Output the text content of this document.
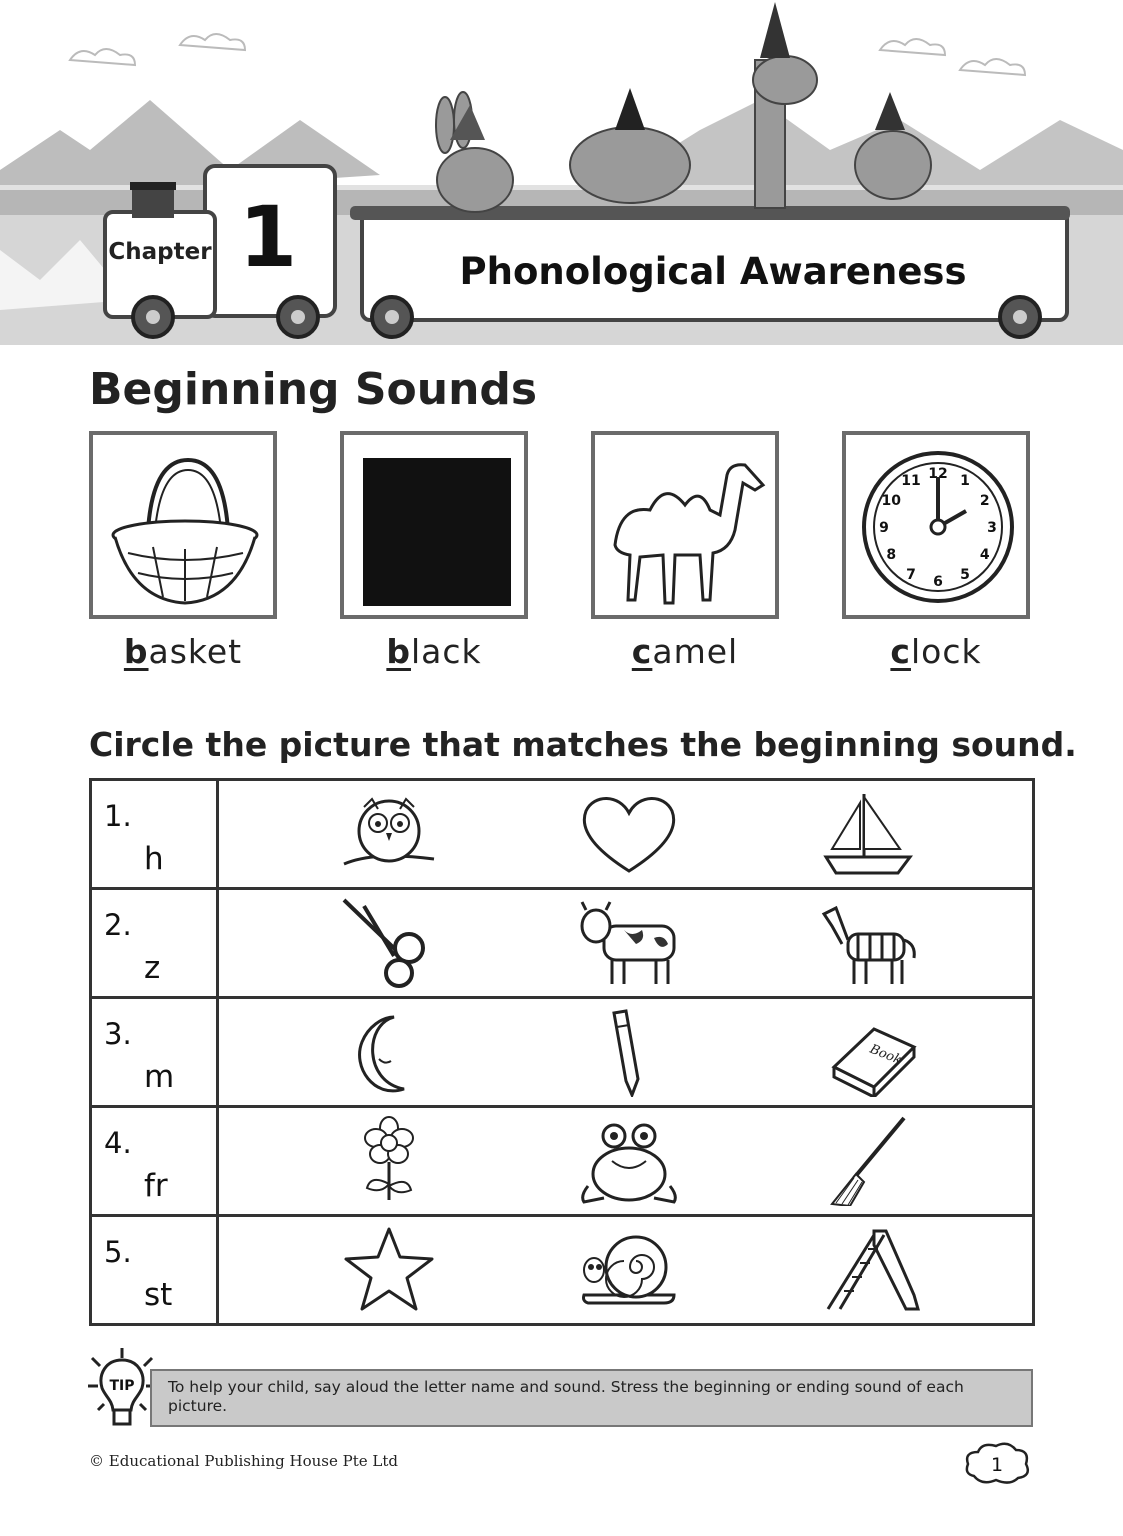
Chapter 1	Phonological Awareness
Beginning Sounds
12 1
2
3
4
5
6
7
8
9
10
11
basket	black	camel	clock
Circle the picture that matches the beginning sound.
1.
h

2.
z

3.
m	Book

4.
fr

5.
st

TIP To help your child, say aloud the letter name and sound. Stress the beginning or ending sound of each picture.
© Educational Publishing House Pte Ltd	1
